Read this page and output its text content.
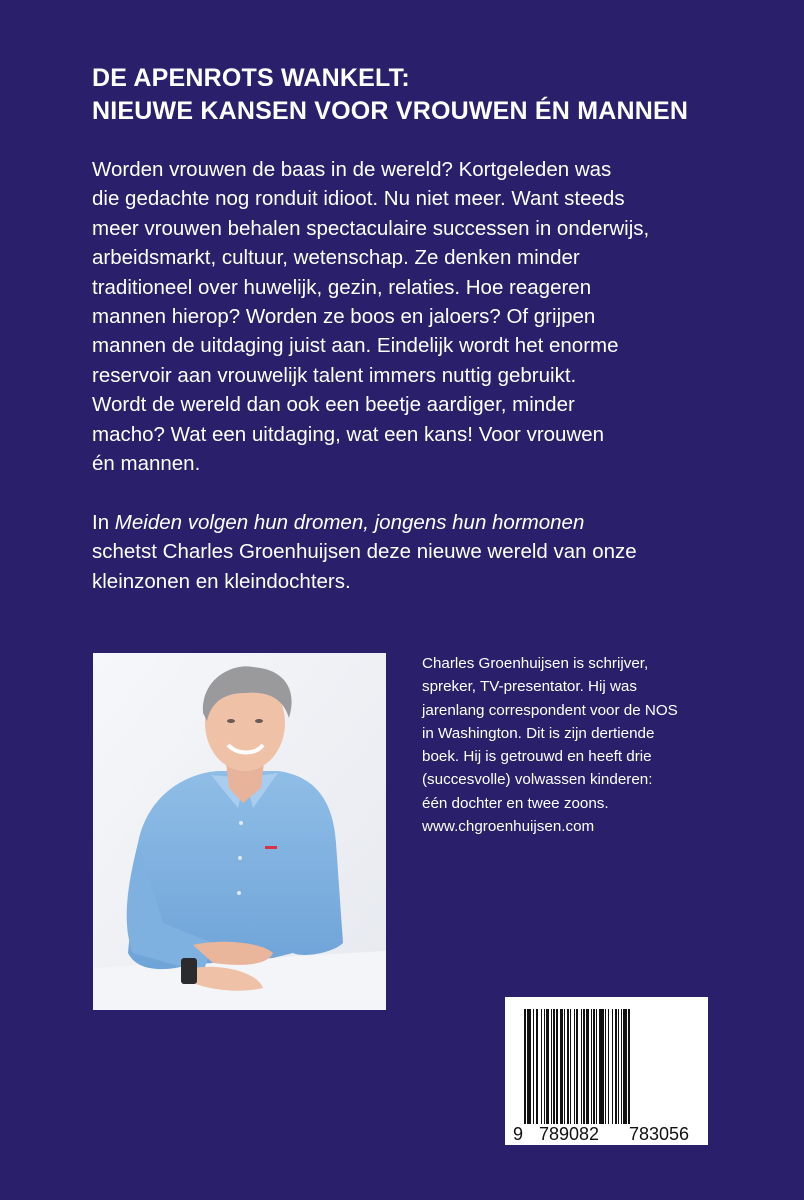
DE APENROTS WANKELT:
NIEUWE KANSEN VOOR VROUWEN ÉN MANNEN
Worden vrouwen de baas in de wereld? Kortgeleden was
die gedachte nog ronduit idioot. Nu niet meer. Want steeds
meer vrouwen behalen spectaculaire successen in onderwijs,
arbeidsmarkt, cultuur, wetenschap. Ze denken minder
traditioneel over huwelijk, gezin, relaties. Hoe reageren
mannen hierop? Worden ze boos en jaloers? Of grijpen
mannen de uitdaging juist aan. Eindelijk wordt het enorme
reservoir aan vrouwelijk talent immers nuttig gebruikt.
Wordt de wereld dan ook een beetje aardiger, minder
macho? Wat een uitdaging, wat een kans! Voor vrouwen
én mannen.
In Meiden volgen hun dromen, jongens hun hormonen
schetst Charles Groenhuijsen deze nieuwe wereld van onze
kleinzonen en kleindochters.
Charles Groenhuijsen is schrijver,
spreker, TV-presentator. Hij was
jarenlang correspondent voor de NOS
in Washington. Dit is zijn dertiende
boek. Hij is getrouwd en heeft drie
(succesvolle) volwassen kinderen:
één dochter en twee zoons.
www.chgroenhuijsen.com
9 789082	783056
